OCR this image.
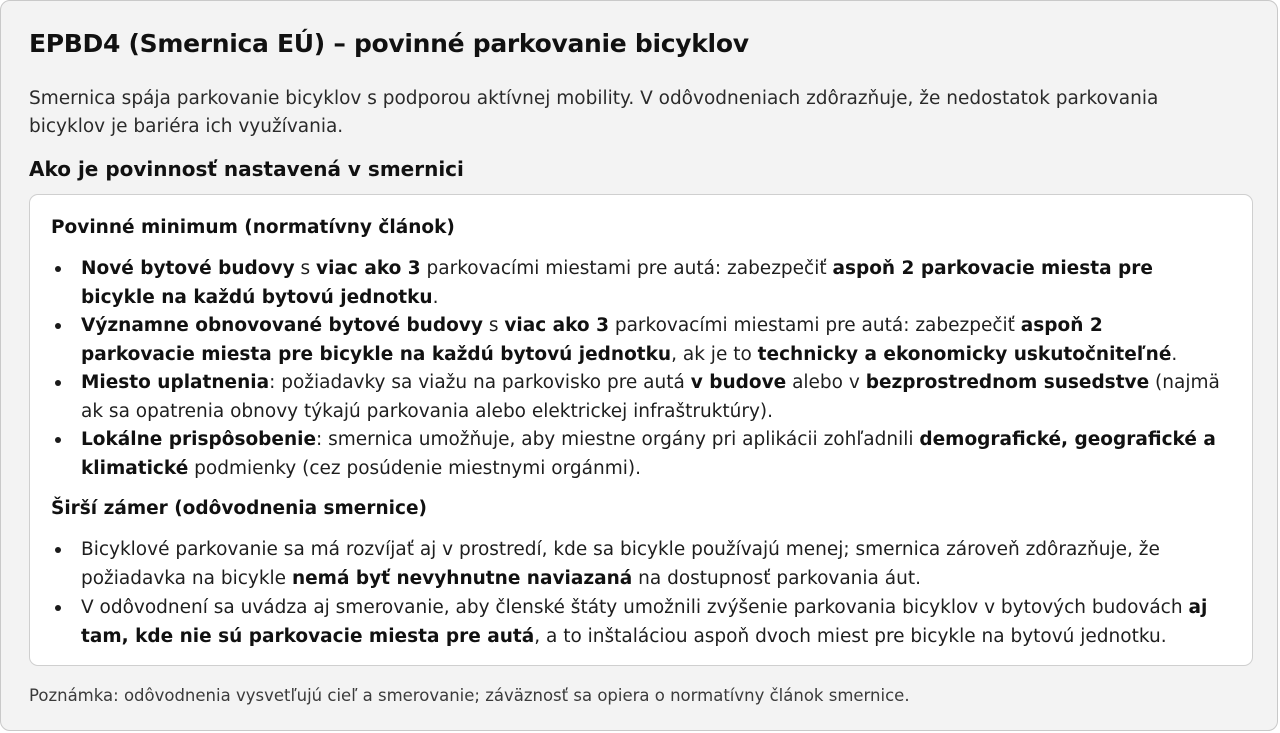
EPBD4 (Smernica EÚ) – povinné parkovanie bicyklov

Smernica spája parkovanie bicyklov s podporou aktívnej mobility. V odôvodneniach zdôrazňuje, že nedostatok parkovania bicyklov je bariéra ich využívania.

Ako je povinnosť nastavená v smernici
Povinné minimum (normatívny článok)
Nové bytové budovy s viac ako 3 parkovacími miestami pre autá: zabezpečiť aspoň 2 parkovacie miesta pre bicykle na každú bytovú jednotku.
Významne obnovované bytové budovy s viac ako 3 parkovacími miestami pre autá: zabezpečiť aspoň 2 parkovacie miesta pre bicykle na každú bytovú jednotku, ak je to technicky a ekonomicky uskutočniteľné.
Miesto uplatnenia: požiadavky sa viažu na parkovisko pre autá v budove alebo v bezprostrednom susedstve (najmä ak sa opatrenia obnovy týkajú parkovania alebo elektrickej infraštruktúry).
Lokálne prispôsobenie: smernica umožňuje, aby miestne orgány pri aplikácii zohľadnili demografické, geografické a klimatické podmienky (cez posúdenie miestnymi orgánmi).
Širší zámer (odôvodnenia smernice)
Bicyklové parkovanie sa má rozvíjať aj v prostredí, kde sa bicykle používajú menej; smernica zároveň zdôrazňuje, že požiadavka na bicykle nemá byť nevyhnutne naviazaná na dostupnosť parkovania áut.
V odôvodnení sa uvádza aj smerovanie, aby členské štáty umožnili zvýšenie parkovania bicyklov v bytových budovách aj tam, kde nie sú parkovacie miesta pre autá, a to inštaláciou aspoň dvoch miest pre bicykle na bytovú jednotku.

Poznámka: odôvodnenia vysvetľujú cieľ a smerovanie; záväznosť sa opiera o normatívny článok smernice.
